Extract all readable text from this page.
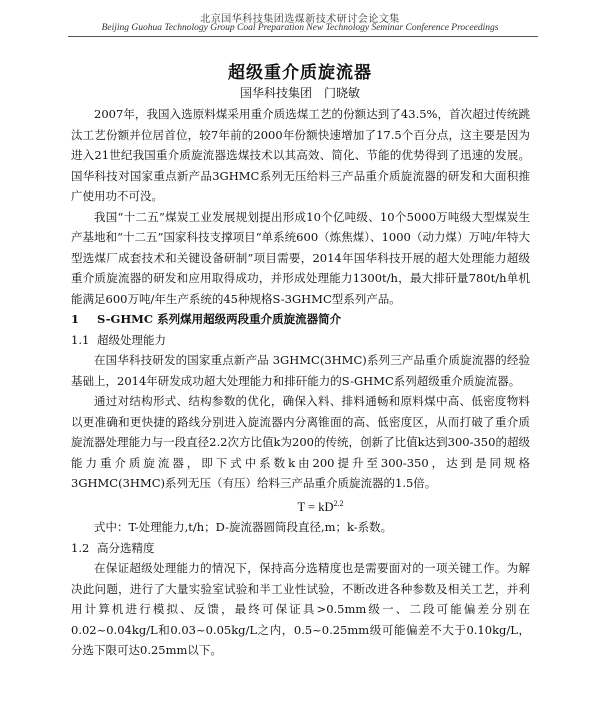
北京国华科技集团选煤新技术研讨会论文集
Beijing Guohua Technology Group Coal Preparation New Technology Seminar Conference Proceedings
超级重介质旋流器
国华科技集团　门晓敏

2007年，我国入选原料煤采用重介质选煤工艺的份额达到了43.5%，首次超过传统跳汰工艺份额并位居首位，较7年前的2000年份额快速增加了17.5个百分点，这主要是因为进入21世纪我国重介质旋流器选煤技术以其高效、简化、节能的优势得到了迅速的发展。国华科技对国家重点新产品3GHMC系列无压给料三产品重介质旋流器的研发和大面积推广使用功不可没。

我国“十二五”煤炭工业发展规划提出形成10个亿吨级、10个5000万吨级大型煤炭生产基地和“十二五”国家科技支撑项目“单系统600（炼焦煤）、1000（动力煤）万吨/年特大型选煤厂成套技术和关键设备研制”项目需要，2014年国华科技开展的超大处理能力超级重介质旋流器的研发和应用取得成功，并形成处理能力1300t/h，最大排矸量780t/h单机能满足600万吨/年生产系统的45种规格S-3GHMC型系列产品。

1 S-GHMC 系列煤用超级两段重介质旋流器简介
1.1 超级处理能力

在国华科技研发的国家重点新产品 3GHMC(3HMC)系列三产品重介质旋流器的经验基础上，2014年研发成功超大处理能力和排矸能力的S-GHMC系列超级重介质旋流器。

通过对结构形式、结构参数的优化，确保入料、排料通畅和原料煤中高、低密度物料以更准确和更快捷的路线分别进入旋流器内分离锥面的高、低密度区，从而打破了重介质旋流器处理能力与一段直径2.2次方比值k为200的传统，创新了比值k达到300-350的超级能力重介质旋流器，即下式中系数k由200提升至300-350，达到是同规格3GHMC(3HMC)系列无压（有压）给料三产品重介质旋流器的1.5倍。

$T = kD^{2.2}$

式中：T-处理能力,t/h；D-旋流器圆筒段直径,m；k-系数。

1.2 高分选精度

在保证超级处理能力的情况下，保持高分选精度也是需要面对的一项关键工作。为解决此问题，进行了大量实验室试验和半工业性试验，不断改进各种参数及相关工艺，并利用计算机进行模拟、反馈，最终可保证具>0.5mm级一、二段可能偏差分别在0.02~0.04kg/L和0.03~0.05kg/L之内，0.5~0.25mm级可能偏差不大于0.10kg/L，分选下限可达0.25mm以下。
